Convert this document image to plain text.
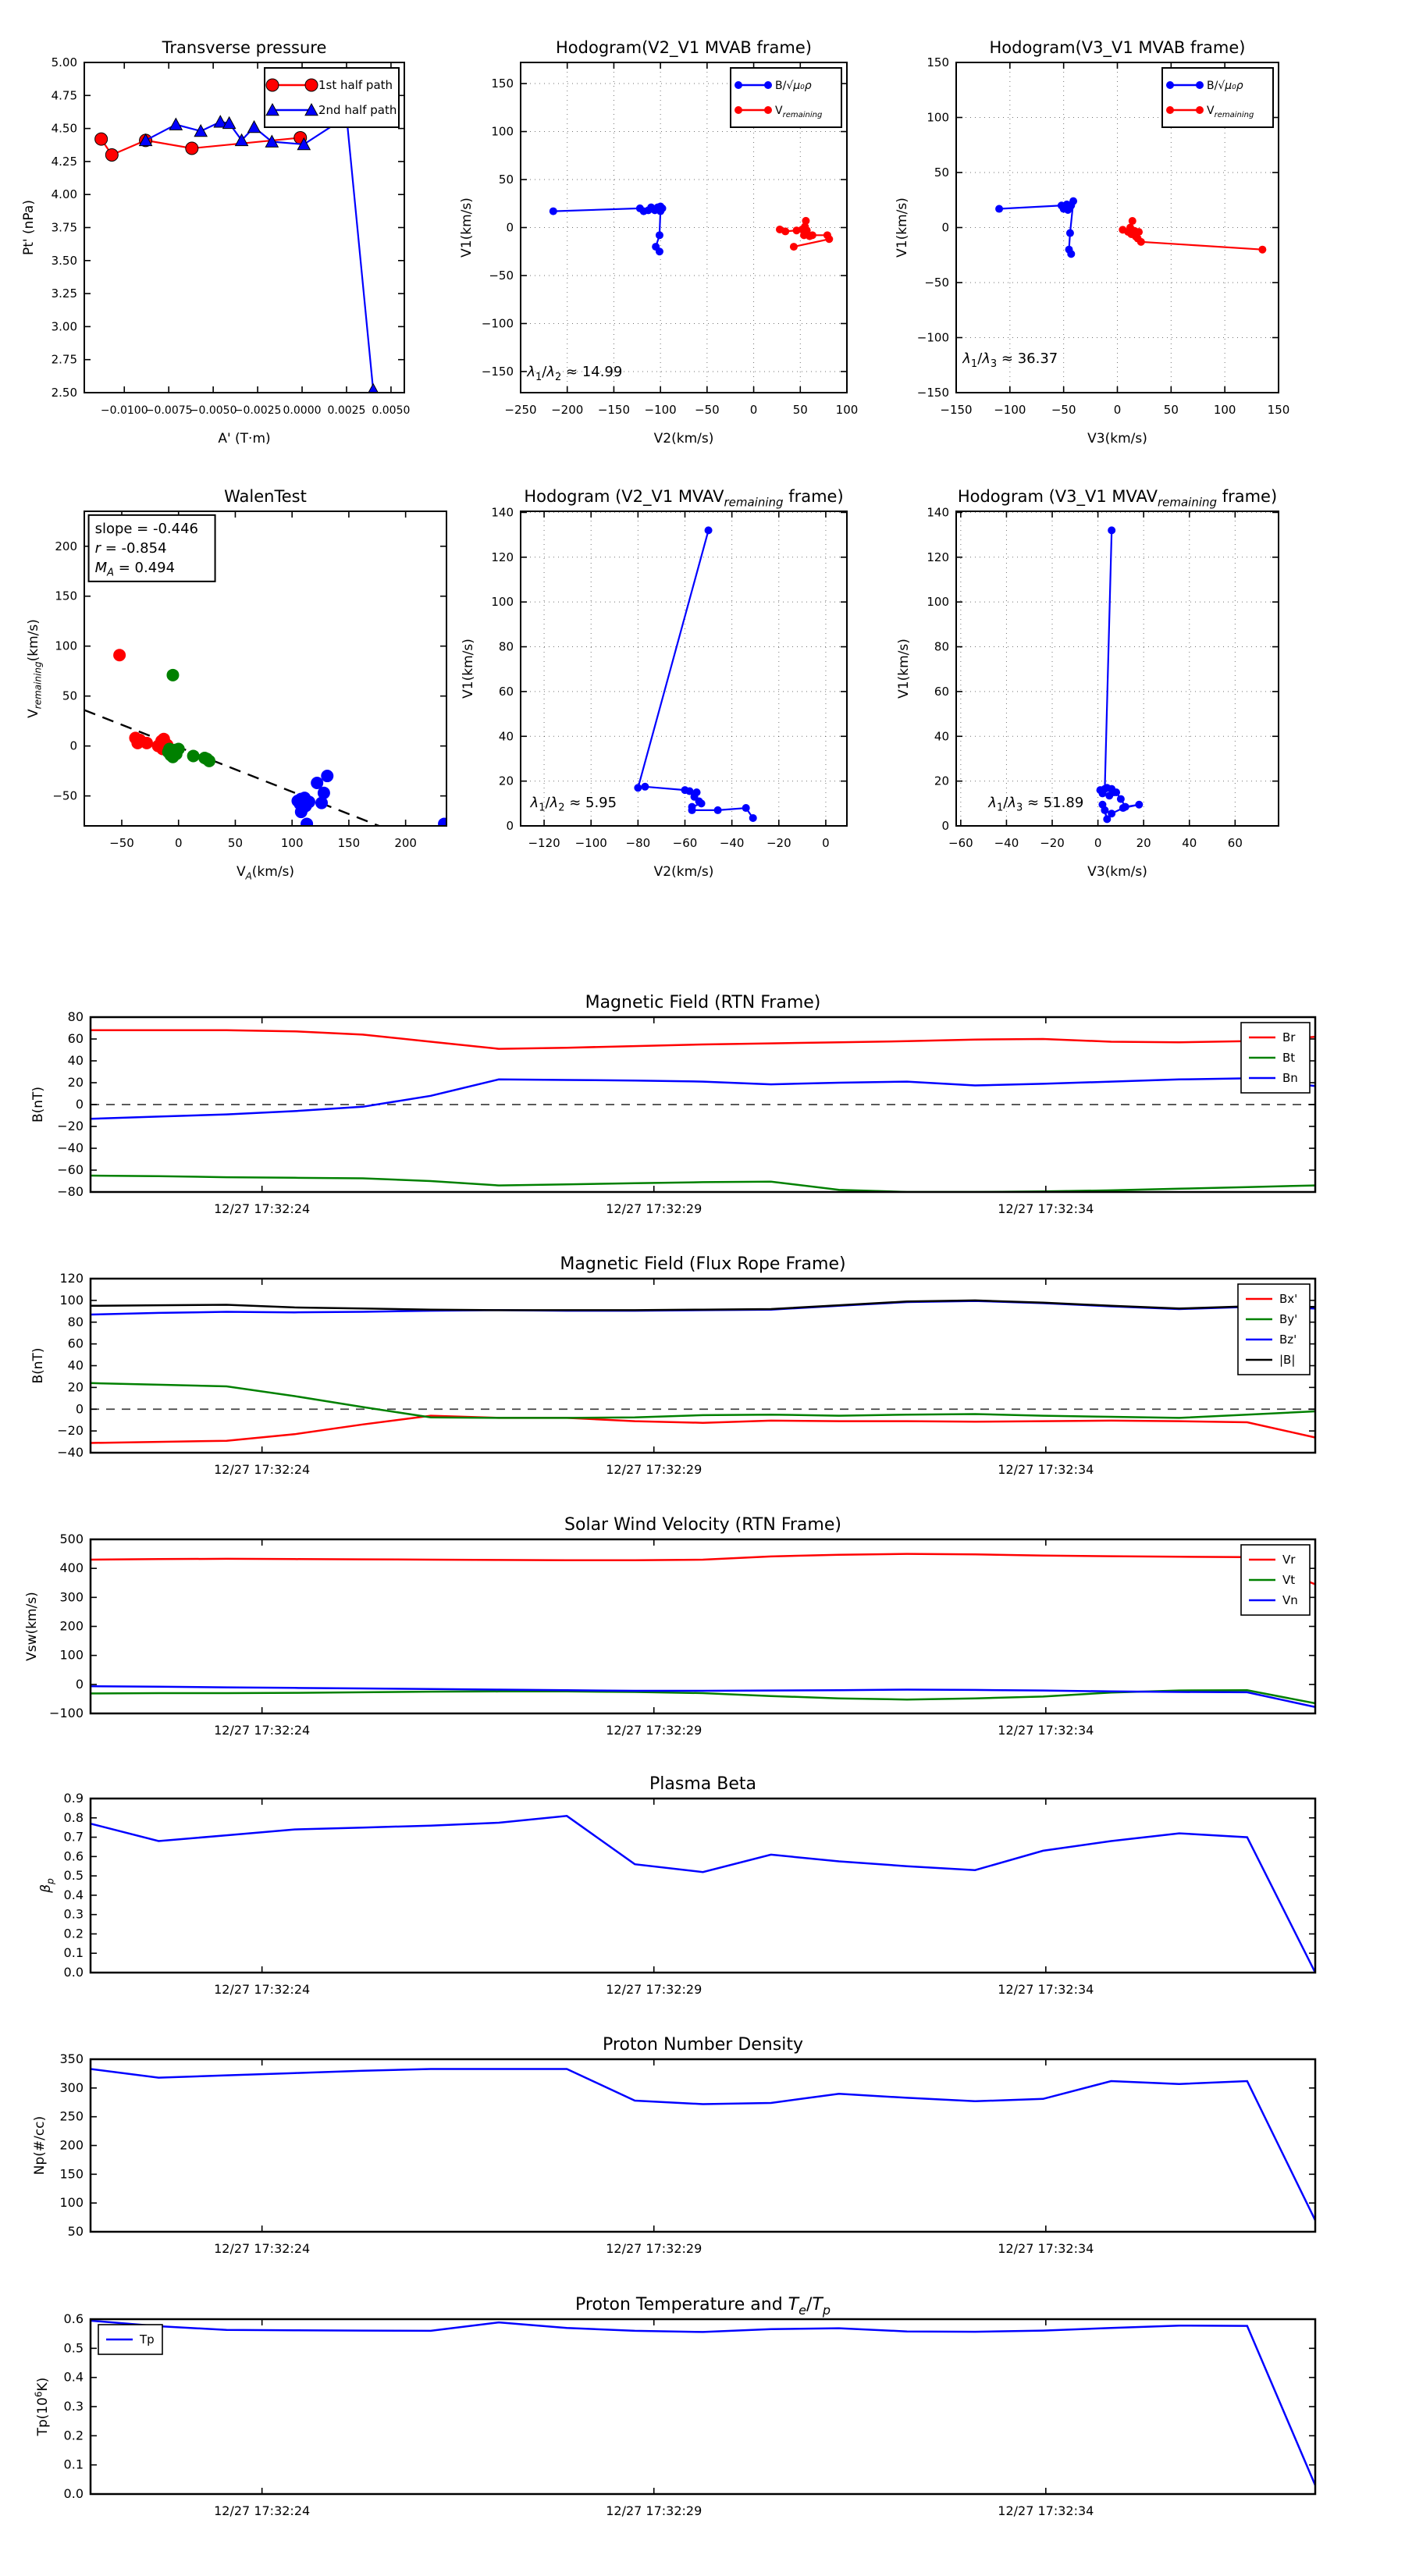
−0.0100
−0.0075
−0.0050
−0.0025 0.0000 0.0025 0.0050
2.50
2.75
3.00
3.25
3.50
3.75
4.00
4.25
4.50
4.75
5.00
Transverse pressure
A' (T·m)
Pt' (nPa)
1st half path
2nd half path
−250 −200 −150 −100 −50	0	50 100
−150
−100
−50
0
50
100
150
Hodogram(V2_V1 MVAB frame)
V2(km/s)
V1(km/s)
B/√μ₀ρ
$V_{remaining}$
$\lambda_1/\lambda_2 \approx 14.99$
−150 −100 −50	0	50	100	150
−150
−100
−50
0
50
100
150
Hodogram(V3_V1 MVAB frame)
V3(km/s)
V1(km/s)
B/√μ₀ρ
$V_{remaining}$
$\lambda_1/\lambda_3 \approx 36.37$
−50	0	50	100	150	200
−50
0
50
100
150
200
WalenTest
$V_A(km/s)$
$V_{remaining}(km/s)$
slope = -0.446
r = -0.854
$M_A = 0.494$
−120 −100 −80 −60 −40 −20	0
0
20
40
60
80
100
120
140
Hodogram (V2_V1 $MVAV_{remaining}$ frame)
V2(km/s)
V1(km/s)
$\lambda_1/\lambda_2 \approx 5.95$
−60 −40 −20	0	20	40	60
0
20
40
60
80
100
120
140
Hodogram (V3_V1 $MVAV_{remaining}$ frame)
V3(km/s)
V1(km/s)
$\lambda_1/\lambda_3 \approx 51.89$
12/27 17:32:24	12/27 17:32:29	12/27 17:32:34
−80
−60
−40
−20
0
20
40
60
80
Magnetic Field (RTN Frame)
B(nT)
Br
Bt
Bn
12/27 17:32:24	12/27 17:32:29	12/27 17:32:34
−40
−20
0
20
40
60
80
100
120
Magnetic Field (Flux Rope Frame)
B(nT)
Bx'
By'
Bz'
|B|
12/27 17:32:24	12/27 17:32:29	12/27 17:32:34
−100
0
100
200
300
400
500
Solar Wind Velocity (RTN Frame)
Vsw(km/s)
Vr
Vt
Vn
12/27 17:32:24	12/27 17:32:29	12/27 17:32:34
0.0
0.1
0.2
0.3
0.4
0.5
0.6
0.7
0.8
0.9
Plasma Beta
$\beta_p$
12/27 17:32:24	12/27 17:32:29	12/27 17:32:34
50
100
150
200
250
300
350
Proton Number Density
Np(#/cc)
12/27 17:32:24	12/27 17:32:29	12/27 17:32:34
0.0
0.1
0.2
0.3
0.4
0.5
0.6
Proton Temperature and $T_e/T_p$
$Tp(10^6K)$
Tp
